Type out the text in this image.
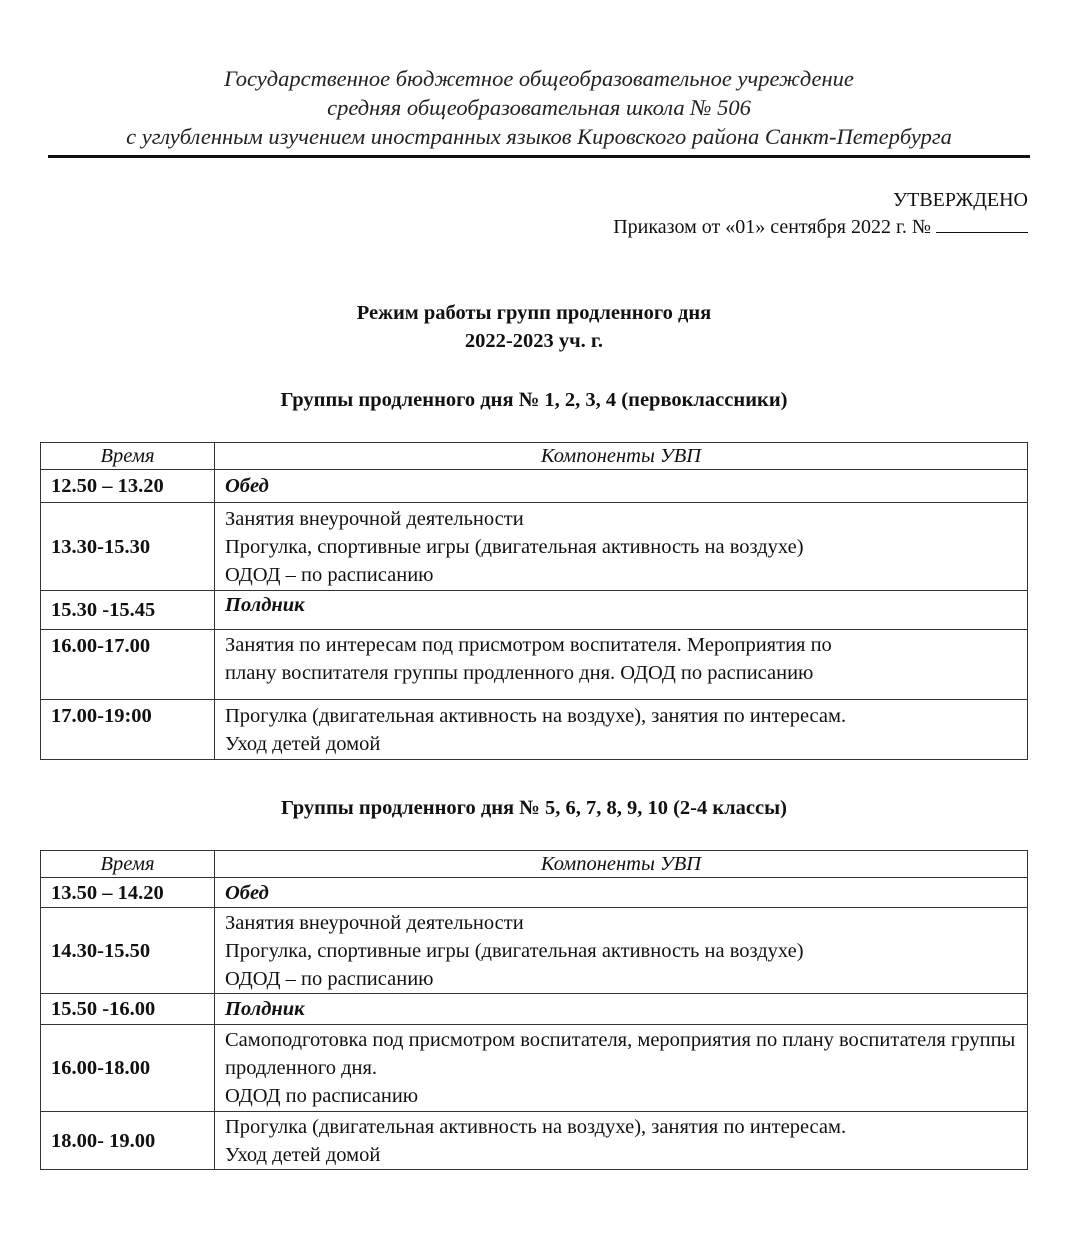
Государственное бюджетное общеобразовательное учреждение
средняя общеобразовательная школа № 506
с углубленным изучением иностранных языков Кировского района Санкт-Петербурга
УТВЕРЖДЕНО
Приказом от «01» сентября 2022 г. №
Режим работы групп продленного дня
2022-2023 уч. г.
Группы продленного дня № 1, 2, 3, 4 (первоклассники)
Время	Компоненты УВП
12.50 – 13.20	Обед
13.30-15.30	Занятия внеурочной деятельности
Прогулка, спортивные игры (двигательная активность на воздухе)
ОДОД – по расписанию

15.30 -15.45	Полдник
16.00-17.00	Занятия по интересам под присмотром воспитателя. Мероприятия по
плану воспитателя группы продленного дня. ОДОД по расписанию

17.00-19:00	Прогулка (двигательная активность на воздухе), занятия по интересам.
Уход детей домой
Группы продленного дня № 5, 6, 7, 8, 9, 10 (2-4 классы)
Время	Компоненты УВП
13.50 – 14.20	Обед
14.30-15.50	Занятия внеурочной деятельности
Прогулка, спортивные игры (двигательная активность на воздухе)
ОДОД – по расписанию

15.50 -16.00	Полдник
16.00-18.00	Самоподготовка под присмотром воспитателя, мероприятия по плану воспитателя группы продленного дня.
ОДОД по расписанию

18.00- 19.00	Прогулка (двигательная активность на воздухе), занятия по интересам.
Уход детей домой
